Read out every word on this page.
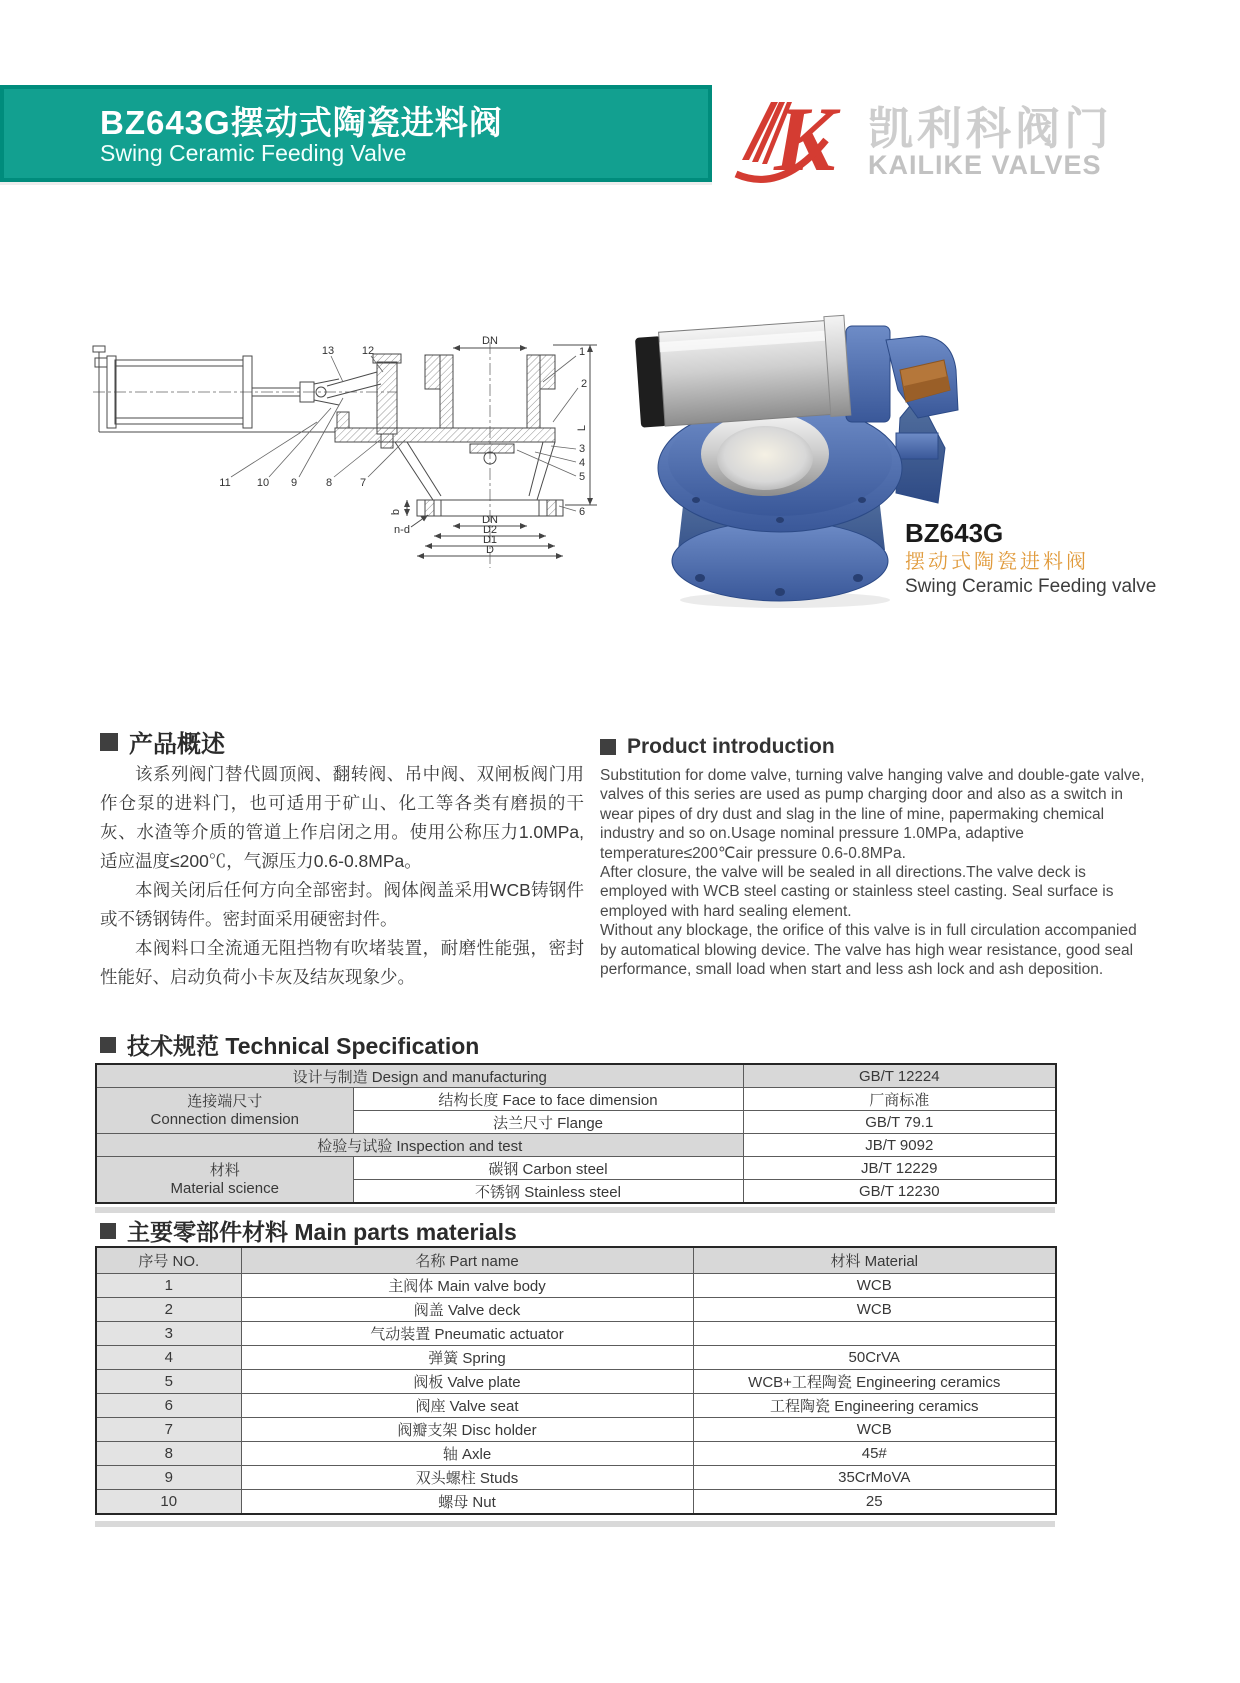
BZ643G摆动式陶瓷进料阀
Swing Ceramic Feeding Valve	K 凯利科阀门
KAILIKE VALVES
13	12	1
2
3
4
5
6
11 10 9	8	7
DN
L
b
n-d
DN
D2
D1
D

BZ643G

摆动式陶瓷进料阀

Swing Ceramic Feeding valve

产品概述

该系列阀门替代圆顶阀、翻转阀、吊中阀、双闸板阀门用作仓泵的进料门，也可适用于矿山、化工等各类有磨损的干灰、水渣等介质的管道上作启闭之用。使用公称压力1.0MPa,适应温度≤200℃，气源压力0.6-0.8MPa。

本阀关闭后任何方向全部密封。阀体阀盖采用WCB铸钢件或不锈钢铸件。密封面采用硬密封件。

本阀料口全流通无阻挡物有吹堵装置，耐磨性能强，密封性能好、启动负荷小卡灰及结灰现象少。

Product introduction

Substitution for dome valve, turning valve hanging valve and double-gate valve, valves of this series are used as pump charging door and also as a switch in wear pipes of dry dust and slag in the line of mine, papermaking chemical industry and so on.Usage nominal pressure 1.0MPa, adaptive temperature≤200℃air pressure 0.6-0.8MPa.

After closure, the valve will be sealed in all directions.The valve deck is employed with WCB steel casting or stainless steel casting. Seal surface is employed with hard sealing element.

Without any blockage, the orifice of this valve is in full circulation accompanied by automatical blowing device. The valve has high wear resistance, good seal performance, small load when start and less ash lock and ash deposition.

技术规范 Technical Specification
设计与制造 Design and manufacturing		GB/T 12224

连接端尺寸
Connection dimension	结构长度 Face to face dimension	厂商标准
	法兰尺寸 Flange	GB/T 79.1
检验与试验 Inspection and test		JB/T 9092

材料
Material science	碳钢 Carbon steel	JB/T 12229
	不锈钢 Stainless steel	GB/T 12230
主要零部件材料 Main parts materials
序号 NO.	名称 Part name	材料 Material
1	主阀体 Main valve body	WCB
2	阀盖 Valve deck	WCB
3	气动装置 Pneumatic actuator	
4	弹簧 Spring	50CrVA
5	阀板 Valve plate	WCB+工程陶瓷 Engineering ceramics
6	阀座 Valve seat	工程陶瓷 Engineering ceramics
7	阀瓣支架 Disc holder	WCB
8	轴 Axle	45#
9	双头螺柱 Studs	35CrMoVA
10	螺母 Nut	25
